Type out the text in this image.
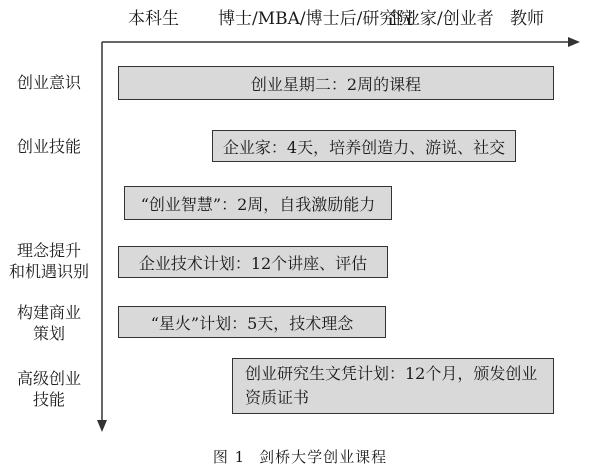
本科生 博士/MBA/博士后/研究院
企业家/创业者 教师
创业意识
创业技能
理念提升
和机遇识别
构建商业
策划
高级创业
技能
创业星期二：2周的课程
企业家：4天，培养创造力、游说、社交
“创业智慧”：2周，自我激励能力
企业技术计划：12个讲座、评估
“星火”计划：5天，技术理念
创业研究生文凭计划：12个月，颁发创业资质证书
图 1 剑桥大学创业课程
